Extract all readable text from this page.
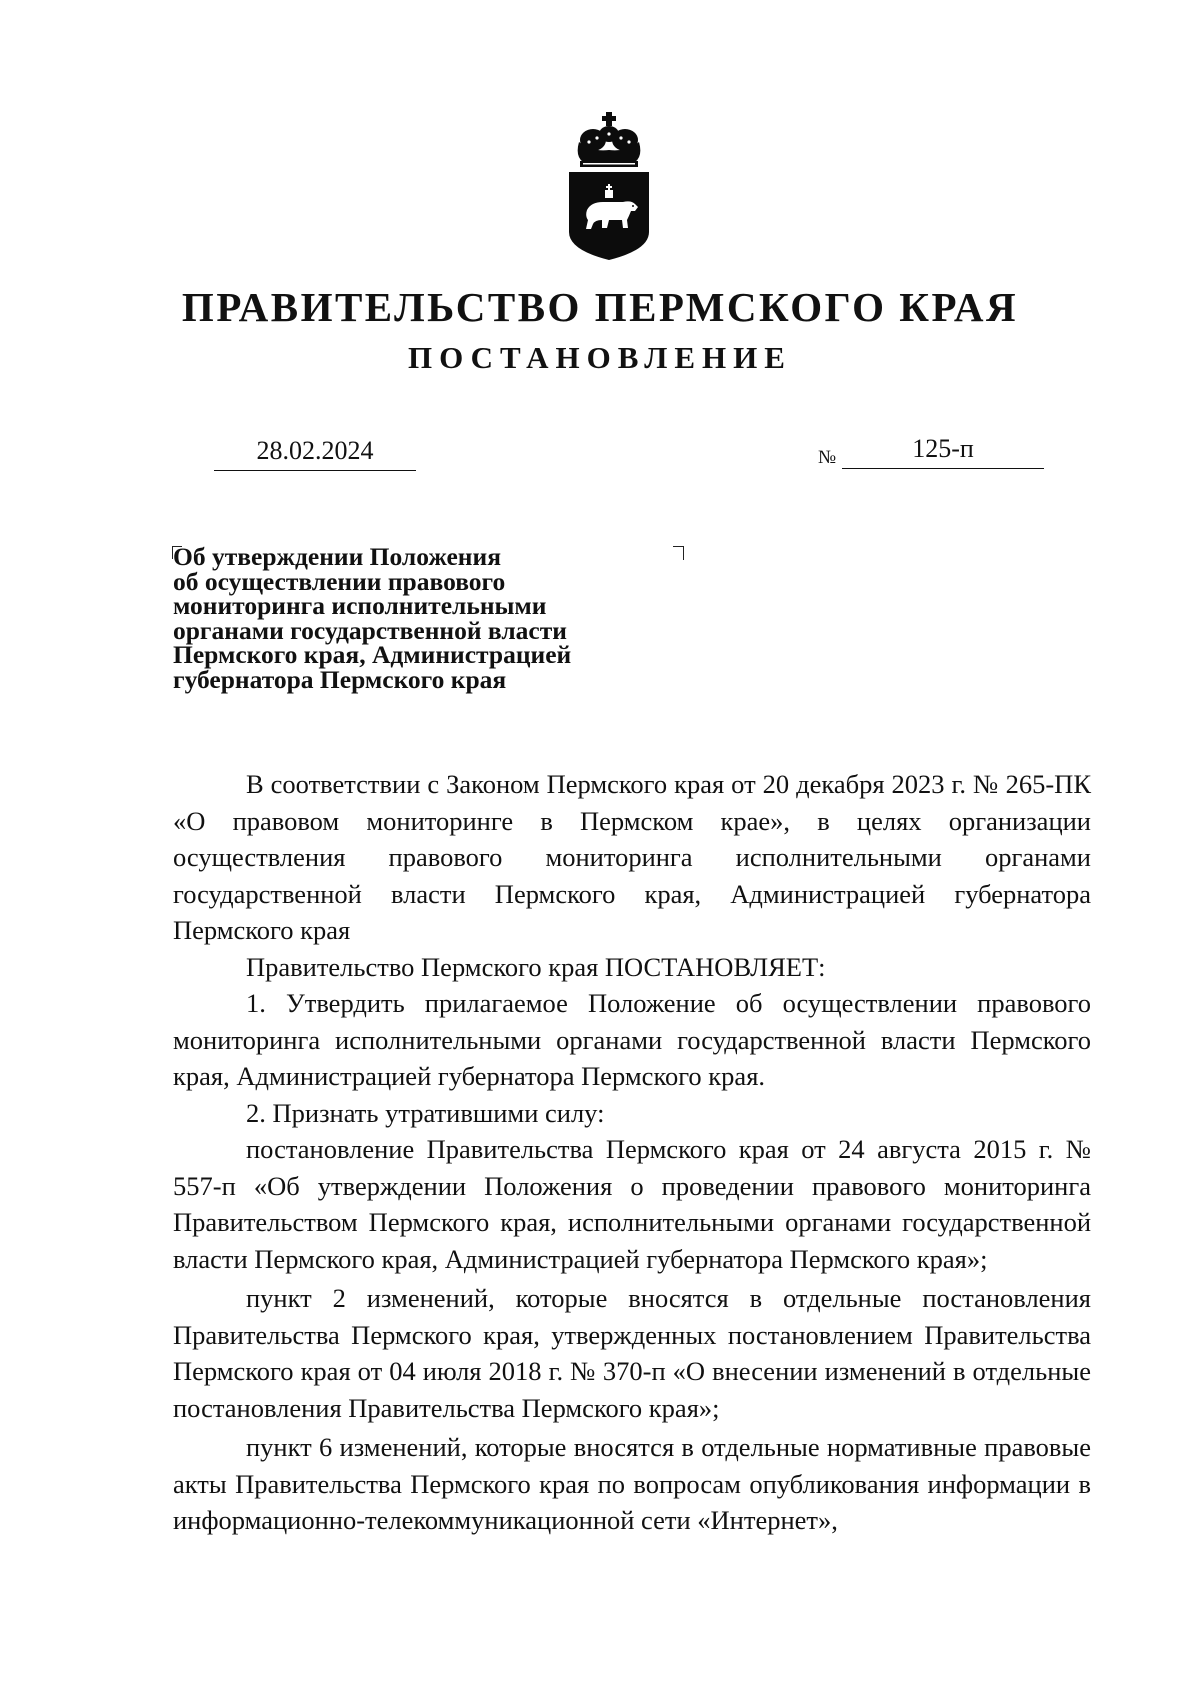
ПРАВИТЕЛЬСТВО ПЕРМСКОГО КРАЯ
ПОСТАНОВЛЕНИЕ
28.02.2024	№	125-п
Об утверждении Положения
об осуществлении правового
мониторинга исполнительными
органами государственной власти
Пермского края, Администрацией
губернатора Пермского края

В соответствии с Законом Пермского края от 20 декабря 2023 г. № 265-ПК «О правовом мониторинге в Пермском крае», в целях организации осуществления правового мониторинга исполнительными органами государственной власти Пермского края, Администрацией губернатора Пермского края

Правительство Пермского края ПОСТАНОВЛЯЕТ:

1. Утвердить прилагаемое Положение об осуществлении правового мониторинга исполнительными органами государственной власти Пермского края, Администрацией губернатора Пермского края.

2. Признать утратившими силу:

постановление Правительства Пермского края от 24 августа 2015 г. № 557-п «Об утверждении Положения о проведении правового мониторинга Правительством Пермского края, исполнительными органами государственной власти Пермского края, Администрацией губернатора Пермского края»;

пункт 2 изменений, которые вносятся в отдельные постановления Правительства Пермского края, утвержденных постановлением Правительства Пермского края от 04 июля 2018 г. № 370-п «О внесении изменений в отдельные постановления Правительства Пермского края»;

пункт 6 изменений, которые вносятся в отдельные нормативные правовые акты Правительства Пермского края по вопросам опубликования информации в информационно-телекоммуникационной сети «Интернет»,
